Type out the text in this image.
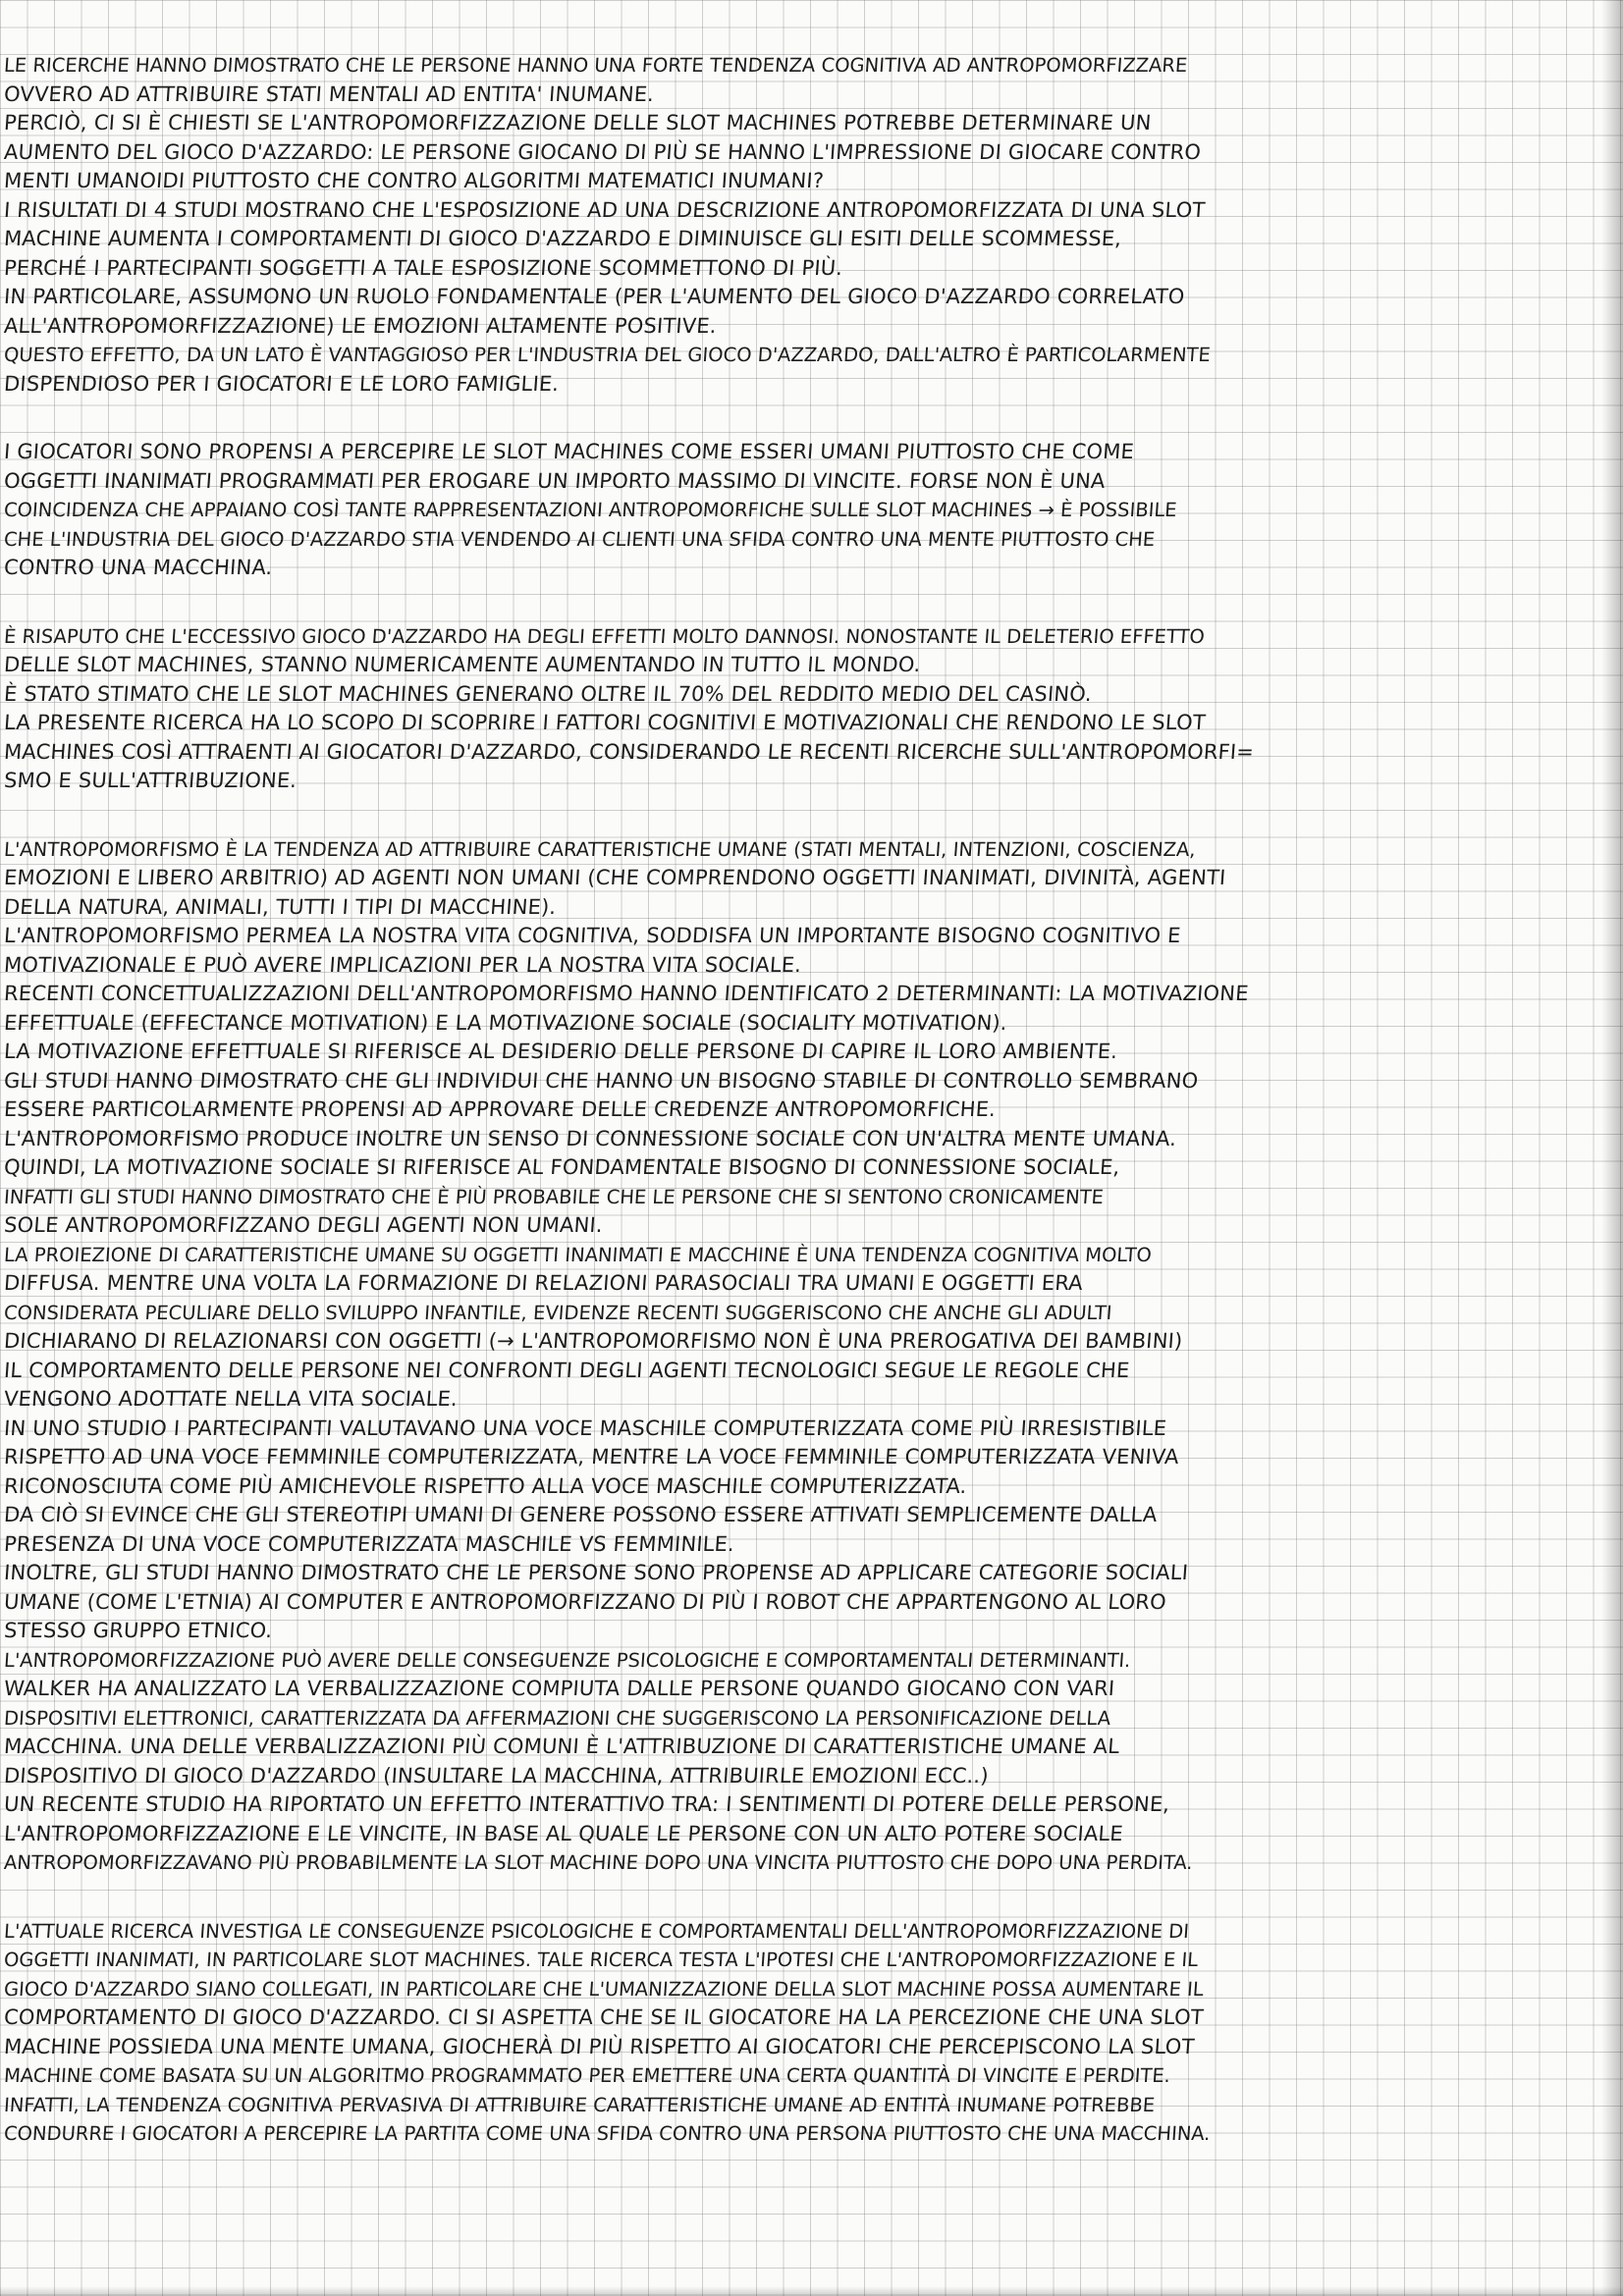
LE RICERCHE HANNO DIMOSTRATO CHE LE PERSONE HANNO UNA FORTE TENDENZA COGNITIVA AD ANTROPOMORFIZZARE
OVVERO AD ATTRIBUIRE STATI MENTALI AD ENTITA' INUMANE.
PERCIÒ, CI SI È CHIESTI SE L'ANTROPOMORFIZZAZIONE DELLE SLOT MACHINES POTREBBE DETERMINARE UN
AUMENTO DEL GIOCO D'AZZARDO: LE PERSONE GIOCANO DI PIÙ SE HANNO L'IMPRESSIONE DI GIOCARE CONTRO
MENTI UMANOIDI PIUTTOSTO CHE CONTRO ALGORITMI MATEMATICI INUMANI?
I RISULTATI DI 4 STUDI MOSTRANO CHE L'ESPOSIZIONE AD UNA DESCRIZIONE ANTROPOMORFIZZATA DI UNA SLOT
MACHINE AUMENTA I COMPORTAMENTI DI GIOCO D'AZZARDO E DIMINUISCE GLI ESITI DELLE SCOMMESSE,
PERCHÉ I PARTECIPANTI SOGGETTI A TALE ESPOSIZIONE SCOMMETTONO DI PIÙ.
IN PARTICOLARE, ASSUMONO UN RUOLO FONDAMENTALE (PER L'AUMENTO DEL GIOCO D'AZZARDO CORRELATO
ALL'ANTROPOMORFIZZAZIONE) LE EMOZIONI ALTAMENTE POSITIVE.
QUESTO EFFETTO, DA UN LATO È VANTAGGIOSO PER L'INDUSTRIA DEL GIOCO D'AZZARDO, DALL'ALTRO È PARTICOLARMENTE
DISPENDIOSO PER I GIOCATORI E LE LORO FAMIGLIE.
I GIOCATORI SONO PROPENSI A PERCEPIRE LE SLOT MACHINES COME ESSERI UMANI PIUTTOSTO CHE COME
OGGETTI INANIMATI PROGRAMMATI PER EROGARE UN IMPORTO MASSIMO DI VINCITE. FORSE NON È UNA
COINCIDENZA CHE APPAIANO COSÌ TANTE RAPPRESENTAZIONI ANTROPOMORFICHE SULLE SLOT MACHINES → È POSSIBILE
CHE L'INDUSTRIA DEL GIOCO D'AZZARDO STIA VENDENDO AI CLIENTI UNA SFIDA CONTRO UNA MENTE PIUTTOSTO CHE
CONTRO UNA MACCHINA.
È RISAPUTO CHE L'ECCESSIVO GIOCO D'AZZARDO HA DEGLI EFFETTI MOLTO DANNOSI. NONOSTANTE IL DELETERIO EFFETTO
DELLE SLOT MACHINES, STANNO NUMERICAMENTE AUMENTANDO IN TUTTO IL MONDO.
È STATO STIMATO CHE LE SLOT MACHINES GENERANO OLTRE IL 70% DEL REDDITO MEDIO DEL CASINÒ.
LA PRESENTE RICERCA HA LO SCOPO DI SCOPRIRE I FATTORI COGNITIVI E MOTIVAZIONALI CHE RENDONO LE SLOT
MACHINES COSÌ ATTRAENTI AI GIOCATORI D'AZZARDO, CONSIDERANDO LE RECENTI RICERCHE SULL'ANTROPOMORFI=
SMO E SULL'ATTRIBUZIONE.
L'ANTROPOMORFISMO È LA TENDENZA AD ATTRIBUIRE CARATTERISTICHE UMANE (STATI MENTALI, INTENZIONI, COSCIENZA,
EMOZIONI E LIBERO ARBITRIO) AD AGENTI NON UMANI (CHE COMPRENDONO OGGETTI INANIMATI, DIVINITÀ, AGENTI
DELLA NATURA, ANIMALI, TUTTI I TIPI DI MACCHINE).
L'ANTROPOMORFISMO PERMEA LA NOSTRA VITA COGNITIVA, SODDISFA UN IMPORTANTE BISOGNO COGNITIVO E
MOTIVAZIONALE E PUÒ AVERE IMPLICAZIONI PER LA NOSTRA VITA SOCIALE.
RECENTI CONCETTUALIZZAZIONI DELL'ANTROPOMORFISMO HANNO IDENTIFICATO 2 DETERMINANTI: LA MOTIVAZIONE
EFFETTUALE (EFFECTANCE MOTIVATION) E LA MOTIVAZIONE SOCIALE (SOCIALITY MOTIVATION).
LA MOTIVAZIONE EFFETTUALE SI RIFERISCE AL DESIDERIO DELLE PERSONE DI CAPIRE IL LORO AMBIENTE.
GLI STUDI HANNO DIMOSTRATO CHE GLI INDIVIDUI CHE HANNO UN BISOGNO STABILE DI CONTROLLO SEMBRANO
ESSERE PARTICOLARMENTE PROPENSI AD APPROVARE DELLE CREDENZE ANTROPOMORFICHE.
L'ANTROPOMORFISMO PRODUCE INOLTRE UN SENSO DI CONNESSIONE SOCIALE CON UN'ALTRA MENTE UMANA.
QUINDI, LA MOTIVAZIONE SOCIALE SI RIFERISCE AL FONDAMENTALE BISOGNO DI CONNESSIONE SOCIALE,
INFATTI GLI STUDI HANNO DIMOSTRATO CHE È PIÙ PROBABILE CHE LE PERSONE CHE SI SENTONO CRONICAMENTE
SOLE ANTROPOMORFIZZANO DEGLI AGENTI NON UMANI.
LA PROIEZIONE DI CARATTERISTICHE UMANE SU OGGETTI INANIMATI E MACCHINE È UNA TENDENZA COGNITIVA MOLTO
DIFFUSA. MENTRE UNA VOLTA LA FORMAZIONE DI RELAZIONI PARASOCIALI TRA UMANI E OGGETTI ERA
CONSIDERATA PECULIARE DELLO SVILUPPO INFANTILE, EVIDENZE RECENTI SUGGERISCONO CHE ANCHE GLI ADULTI
DICHIARANO DI RELAZIONARSI CON OGGETTI (→ L'ANTROPOMORFISMO NON È UNA PREROGATIVA DEI BAMBINI)
IL COMPORTAMENTO DELLE PERSONE NEI CONFRONTI DEGLI AGENTI TECNOLOGICI SEGUE LE REGOLE CHE
VENGONO ADOTTATE NELLA VITA SOCIALE.
IN UNO STUDIO I PARTECIPANTI VALUTAVANO UNA VOCE MASCHILE COMPUTERIZZATA COME PIÙ IRRESISTIBILE
RISPETTO AD UNA VOCE FEMMINILE COMPUTERIZZATA, MENTRE LA VOCE FEMMINILE COMPUTERIZZATA VENIVA
RICONOSCIUTA COME PIÙ AMICHEVOLE RISPETTO ALLA VOCE MASCHILE COMPUTERIZZATA.
DA CIÒ SI EVINCE CHE GLI STEREOTIPI UMANI DI GENERE POSSONO ESSERE ATTIVATI SEMPLICEMENTE DALLA
PRESENZA DI UNA VOCE COMPUTERIZZATA MASCHILE VS FEMMINILE.
INOLTRE, GLI STUDI HANNO DIMOSTRATO CHE LE PERSONE SONO PROPENSE AD APPLICARE CATEGORIE SOCIALI
UMANE (COME L'ETNIA) AI COMPUTER E ANTROPOMORFIZZANO DI PIÙ I ROBOT CHE APPARTENGONO AL LORO
STESSO GRUPPO ETNICO.
L'ANTROPOMORFIZZAZIONE PUÒ AVERE DELLE CONSEGUENZE PSICOLOGICHE E COMPORTAMENTALI DETERMINANTI.
WALKER HA ANALIZZATO LA VERBALIZZAZIONE COMPIUTA DALLE PERSONE QUANDO GIOCANO CON VARI
DISPOSITIVI ELETTRONICI, CARATTERIZZATA DA AFFERMAZIONI CHE SUGGERISCONO LA PERSONIFICAZIONE DELLA
MACCHINA. UNA DELLE VERBALIZZAZIONI PIÙ COMUNI È L'ATTRIBUZIONE DI CARATTERISTICHE UMANE AL
DISPOSITIVO DI GIOCO D'AZZARDO (INSULTARE LA MACCHINA, ATTRIBUIRLE EMOZIONI ECC..)
UN RECENTE STUDIO HA RIPORTATO UN EFFETTO INTERATTIVO TRA: I SENTIMENTI DI POTERE DELLE PERSONE,
L'ANTROPOMORFIZZAZIONE E LE VINCITE, IN BASE AL QUALE LE PERSONE CON UN ALTO POTERE SOCIALE
ANTROPOMORFIZZAVANO PIÙ PROBABILMENTE LA SLOT MACHINE DOPO UNA VINCITA PIUTTOSTO CHE DOPO UNA PERDITA.
L'ATTUALE RICERCA INVESTIGA LE CONSEGUENZE PSICOLOGICHE E COMPORTAMENTALI DELL'ANTROPOMORFIZZAZIONE DI
OGGETTI INANIMATI, IN PARTICOLARE SLOT MACHINES. TALE RICERCA TESTA L'IPOTESI CHE L'ANTROPOMORFIZZAZIONE E IL
GIOCO D'AZZARDO SIANO COLLEGATI, IN PARTICOLARE CHE L'UMANIZZAZIONE DELLA SLOT MACHINE POSSA AUMENTARE IL
COMPORTAMENTO DI GIOCO D'AZZARDO. CI SI ASPETTA CHE SE IL GIOCATORE HA LA PERCEZIONE CHE UNA SLOT
MACHINE POSSIEDA UNA MENTE UMANA, GIOCHERÀ DI PIÙ RISPETTO AI GIOCATORI CHE PERCEPISCONO LA SLOT
MACHINE COME BASATA SU UN ALGORITMO PROGRAMMATO PER EMETTERE UNA CERTA QUANTITÀ DI VINCITE E PERDITE.
INFATTI, LA TENDENZA COGNITIVA PERVASIVA DI ATTRIBUIRE CARATTERISTICHE UMANE AD ENTITÀ INUMANE POTREBBE
CONDURRE I GIOCATORI A PERCEPIRE LA PARTITA COME UNA SFIDA CONTRO UNA PERSONA PIUTTOSTO CHE UNA MACCHINA.
